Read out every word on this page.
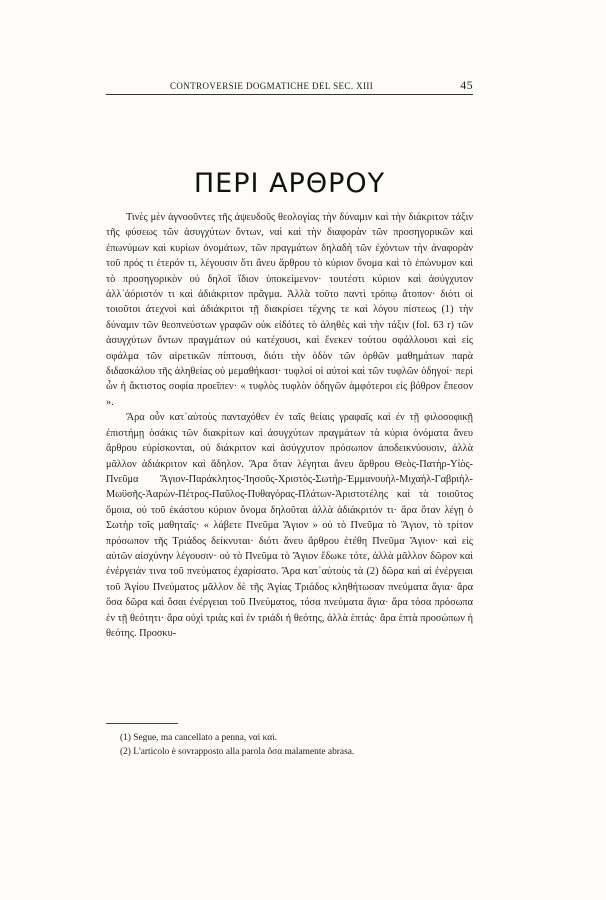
CONTROVERSIE DOGMATICHE DEL SEC. XIII	45
ΠΕΡΙ ΑΡΘΡΟΥ

Τινὲς μὲν ἀγνοοῦντες τῆς ἀψευδοῦς θεολογίας τὴν δύναμιν καὶ τὴν διάκριτον τάξιν τῆς φύσεως τῶν ἀσυγχύτων ὄντων, ναὶ καὶ τὴν διαφορὰν τῶν προσηγορικῶν καὶ ἐπωνύμων καὶ κυρίων ὀνομάτων, τῶν πραγμάτων δηλαδὴ τῶν ἐχόντων τὴν ἀναφορὰν τοῦ πρός τι ἑτερόν τι, λέγουσιν ὅτι ἄνευ ἄρθρου τὸ κύριον ὄνομα καὶ τὸ ἐπώνυμον καὶ τὸ προσηγορικὸν οὐ δηλοῖ ἴδιον ὑποκείμενον· τουτέστι κύριον καὶ ἀσύγχυτον ἀλλ᾽ἀόριστόν τι καὶ ἀδιάκριτον πρᾶγμα. Ἀλλὰ τοῦτο παντὶ τρόπῳ ἄτοπον· διότι οἱ τοιοῦτοι ἀτεχνοὶ καὶ ἀδιάκριτοι τῇ διακρίσει τέχνης τε καὶ λόγου πίστεως (1) τὴν δύναμιν τῶν θεοπνεύστων γραφῶν οὐκ εἰδότες τὸ ἀληθὲς καὶ τὴν τάξιν (fol. 63 r) τῶν ἀσυγχύτων ὄντων πραγμάτων οὐ κατέχουσι, καὶ ἕνεκεν τούτου σφάλλουσι καὶ εἰς σφάλμα τῶν αἱρετικῶν πίπτουσι, διότι τὴν ὁδὸν τῶν ὀρθῶν μαθημάτων παρὰ διδασκάλου τῆς ἀληθείας οὐ μεμαθήκασι· τυφλοὶ οἱ αὐτοὶ καὶ τῶν τυφλῶν ὁδηγοί· περὶ ὧν ἡ ἄκτιστος σοφία προεῖπεν· « τυφλὸς τυφλὸν ὁδηγῶν ἀμφότεροι εἰς βόθρον ἔπεσον ».

Ἄρα οὖν κατ᾽αὐτοὺς πανταχόθεν ἐν ταῖς θείαις γραφαῖς καὶ ἐν τῇ φιλοσοφικῇ ἐπιστήμῃ ὁσάκις τῶν διακρίτων καὶ ἀσυγχύτων πραγμάτων τὰ κύρια ὀνόματα ἄνευ ἄρθρου εὑρίσκονται, οὐ διάκριτον καὶ ἀσύγχυτον πρόσωπον ἀποδεικνύουσιν, ἀλλὰ μᾶλλον ἀδιάκριτον καὶ ἄδηλον. Ἄρα ὅταν λέγηται ἄνευ ἄρθρου Θεὸς-Πατὴρ-Υἱὸς-Πνεῦμα Ἅγιον-Παράκλητος-Ἰησοῦς-Χριστὸς-Σωτὴρ-Ἐμμανουὴλ-Μιχαὴλ-Γαβριὴλ-Μωϋσῆς-Ἀαρὼν-Πέτρος-Παῦλος-Πυθαγόρας-Πλάτων-Ἀριστοτέλης καὶ τὰ τοιοῦτος ὅμοια, οὐ τοῦ ἑκάστου κύριον ὄνομα δηλοῦται ἀλλὰ ἀδιάκριτόν τι· ἄρα ὅταν λέγῃ ὁ Σωτὴρ τοῖς μαθηταῖς· « λάβετε Πνεῦμα Ἅγιον » οὐ τὸ Πνεῦμα τὸ Ἅγιον, τὸ τρίτον πρόσωπον τῆς Τριάδος δείκνυται· διότι ἄνευ ἄρθρου ἐτέθη Πνεῦμα Ἅγιον· καὶ εἰς αὐτῶν αἰσχύνην λέγουσιν· οὐ τὸ Πνεῦμα τὸ Ἅγιον ἔδωκε τότε, ἀλλὰ μᾶλλον δῶρον καὶ ἐνέργειάν τινα τοῦ πνεύματος ἐχαρίσατο. Ἄρα κατ᾽αὐτοὺς τὰ (2) δῶρα καὶ αἱ ἐνέργειαι τοῦ Ἁγίου Πνεύματος μᾶλλον δὲ τῆς Ἁγίας Τριάδος κληθήτωσαν πνεύματα ἅγια· ἄρα ὅσα δῶρα καὶ ὅσαι ἐνέργειαι τοῦ Πνεύματος, τόσα πνεύματα ἅγια· ἄρα τόσα πρόσωπα ἐν τῇ θεότητι· ἄρα οὐχὶ τριὰς καὶ ἐν τριάδι ἡ θεότης, ἀλλὰ ἑπτάς· ἄρα ἑπτὰ προσώπων ἡ θεότης. Προσκυ-

(1) Segue, ma cancellato a penna, ναὶ καὶ.

(2) L'articolo è sovrapposto alla parola ὅσα malamente abrasa.
